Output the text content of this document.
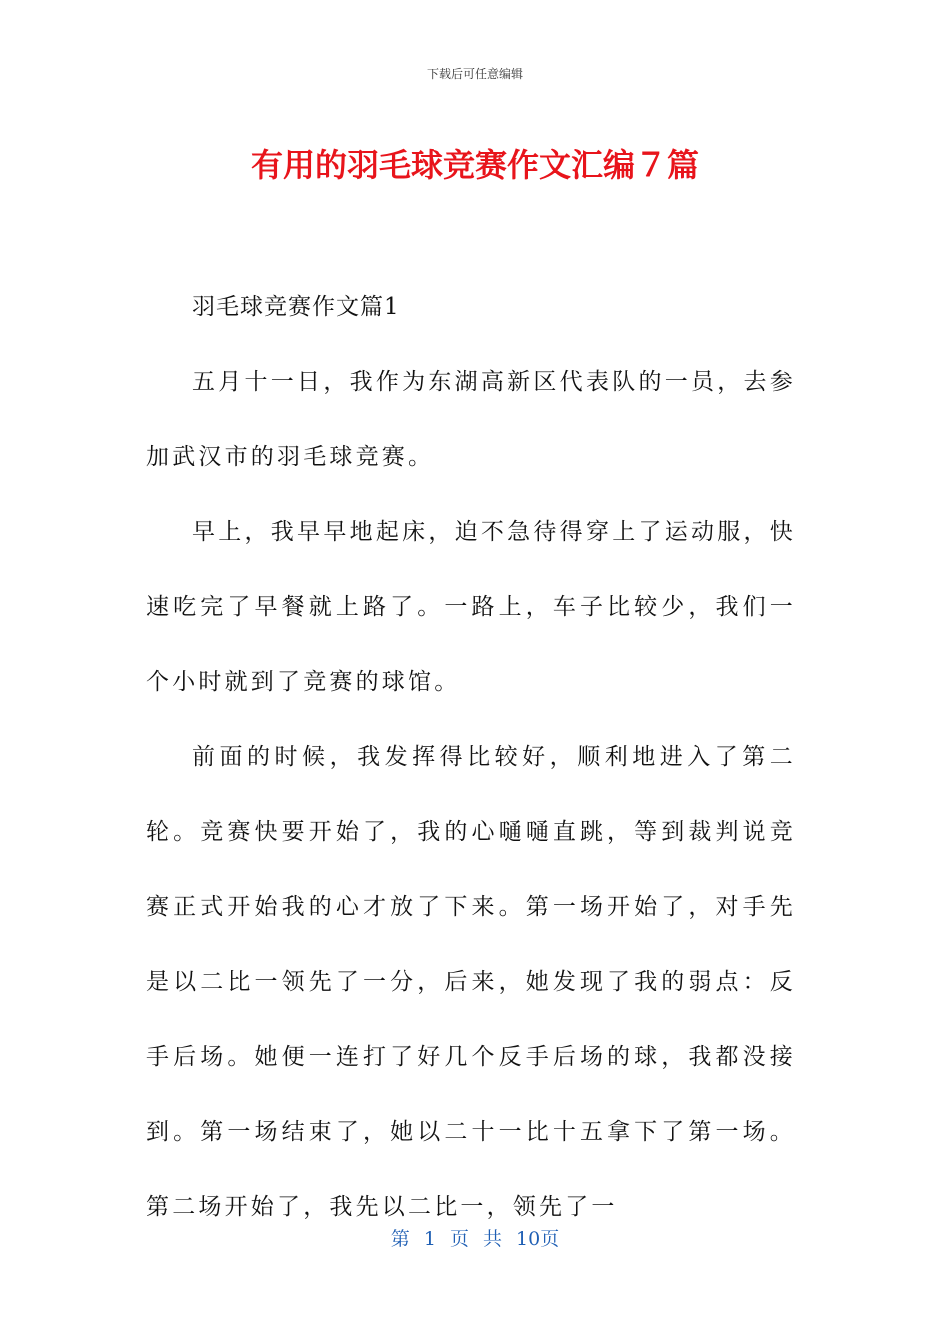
下载后可任意编辑
有用的羽毛球竞赛作文汇编７篇

羽毛球竞赛作文篇1

五月十一日，我作为东湖高新区代表队的一员，去参加武汉市的羽毛球竞赛。

早上，我早早地起床，迫不急待得穿上了运动服，快速吃完了早餐就上路了。一路上，车子比较少，我们一个小时就到了竞赛的球馆。

前面的时候，我发挥得比较好，顺利地进入了第二轮。竞赛快要开始了，我的心嗵嗵直跳，等到裁判说竞赛正式开始我的心才放了下来。第一场开始了，对手先是以二比一领先了一分，后来，她发现了我的弱点：反手后场。她便一连打了好几个反手后场的球，我都没接到。第一场结束了，她以二十一比十五拿下了第一场。第二场开始了，我先以二比一，领先了一

第 1 页 共 10页
